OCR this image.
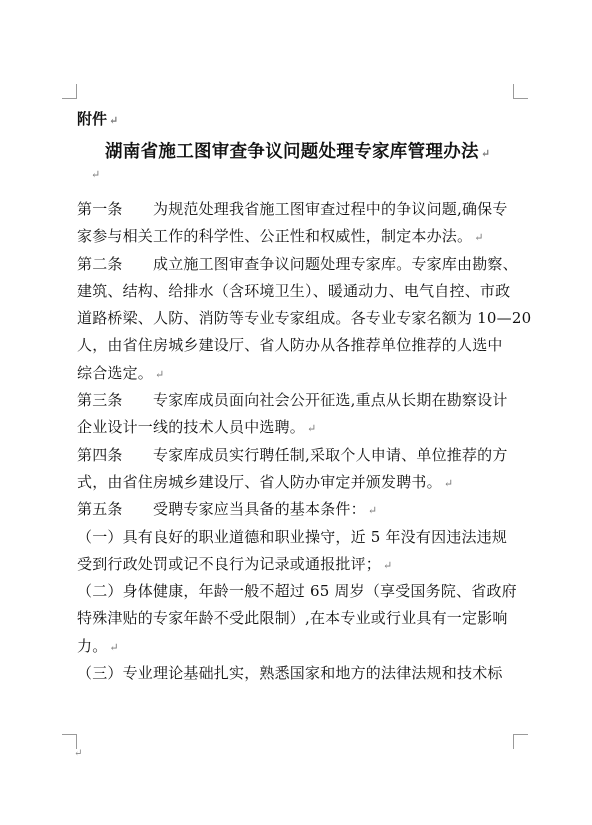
附件 ↵
湖南省施工图审查争议问题处理专家库管理办法 ↵
↵
第一条　　为规范处理我省施工图审查过程中的争议问题,确保专
家参与相关工作的科学性、公正性和权威性，制定本办法。 ↵
第二条　　成立施工图审查争议问题处理专家库。专家库由勘察、
建筑、结构、给排水（含环境卫生）、暖通动力、电气自控、市政
道路桥梁、人防、消防等专业专家组成。各专业专家名额为 10—20
人，由省住房城乡建设厅、省人防办从各推荐单位推荐的人选中
综合选定。 ↵
第三条　　专家库成员面向社会公开征选,重点从长期在勘察设计
企业设计一线的技术人员中选聘。 ↵
第四条　　专家库成员实行聘任制,采取个人申请、单位推荐的方
式，由省住房城乡建设厅、省人防办审定并颁发聘书。 ↵
第五条　　受聘专家应当具备的基本条件： ↵
（一）具有良好的职业道德和职业操守，近 5 年没有因违法违规
受到行政处罚或记不良行为记录或通报批评； ↵
（二）身体健康，年龄一般不超过 65 周岁（享受国务院、省政府
特殊津贴的专家年龄不受此限制）,在本专业或行业具有一定影响
力。 ↵
（三）专业理论基础扎实，熟悉国家和地方的法律法规和技术标
↵
